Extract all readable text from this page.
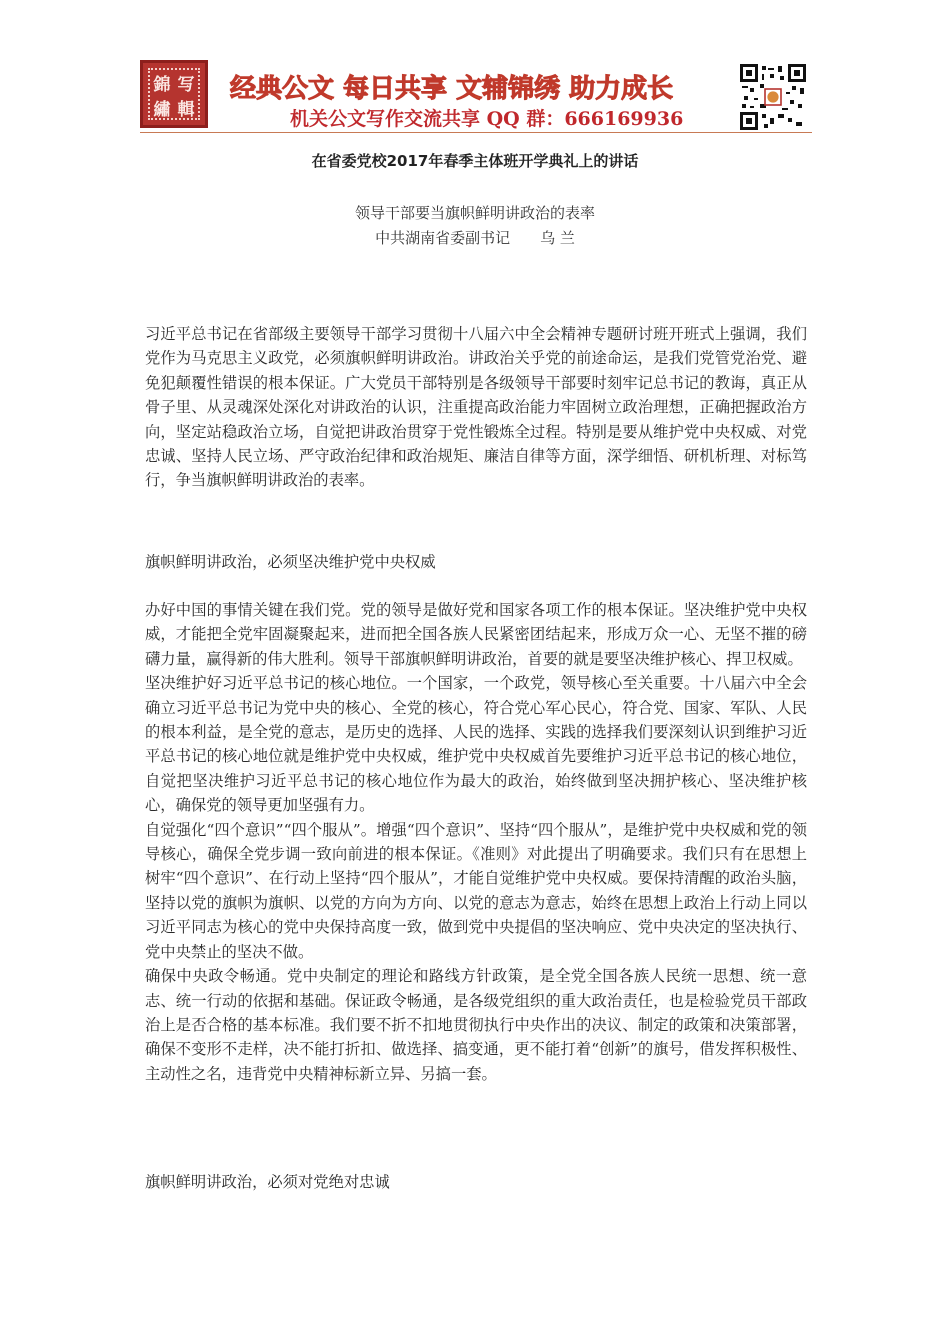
錦 写
繡 輯
经典公文 每日共享 文辅锦绣 助力成长
机关公文写作交流共享 QQ 群：666169936
在省委党校2017年春季主体班开学典礼上的讲话
领导干部要当旗帜鲜明讲政治的表率
中共湖南省委副书记　　乌 兰

习近平总书记在省部级主要领导干部学习贯彻十八届六中全会精神专题研讨班开班式上强调，我们党作为马克思主义政党，必须旗帜鲜明讲政治。讲政治关乎党的前途命运，是我们党管党治党、避免犯颠覆性错误的根本保证。广大党员干部特别是各级领导干部要时刻牢记总书记的教诲，真正从骨子里、从灵魂深处深化对讲政治的认识，注重提高政治能力牢固树立政治理想，正确把握政治方向，坚定站稳政治立场，自觉把讲政治贯穿于党性锻炼全过程。特别是要从维护党中央权威、对党忠诚、坚持人民立场、严守政治纪律和政治规矩、廉洁自律等方面，深学细悟、研机析理、对标笃行，争当旗帜鲜明讲政治的表率。

旗帜鲜明讲政治，必须坚决维护党中央权威

办好中国的事情关键在我们党。党的领导是做好党和国家各项工作的根本保证。坚决维护党中央权威，才能把全党牢固凝聚起来，进而把全国各族人民紧密团结起来，形成万众一心、无坚不摧的磅礴力量，赢得新的伟大胜利。领导干部旗帜鲜明讲政治，首要的就是要坚决维护核心、捍卫权威。

坚决维护好习近平总书记的核心地位。一个国家，一个政党，领导核心至关重要。十八届六中全会确立习近平总书记为党中央的核心、全党的核心，符合党心军心民心，符合党、国家、军队、人民的根本利益，是全党的意志，是历史的选择、人民的选择、实践的选择我们要深刻认识到维护习近平总书记的核心地位就是维护党中央权威，维护党中央权威首先要维护习近平总书记的核心地位，自觉把坚决维护习近平总书记的核心地位作为最大的政治，始终做到坚决拥护核心、坚决维护核心，确保党的领导更加坚强有力。

自觉强化“四个意识”“四个服从”。增强“四个意识”、坚持“四个服从”，是维护党中央权威和党的领导核心，确保全党步调一致向前进的根本保证。《准则》对此提出了明确要求。我们只有在思想上树牢“四个意识”、在行动上坚持“四个服从”，才能自觉维护党中央权威。要保持清醒的政治头脑，坚持以党的旗帜为旗帜、以党的方向为方向、以党的意志为意志，始终在思想上政治上行动上同以习近平同志为核心的党中央保持高度一致，做到党中央提倡的坚决响应、党中央决定的坚决执行、党中央禁止的坚决不做。

确保中央政令畅通。党中央制定的理论和路线方针政策，是全党全国各族人民统一思想、统一意志、统一行动的依据和基础。保证政令畅通，是各级党组织的重大政治责任，也是检验党员干部政治上是否合格的基本标准。我们要不折不扣地贯彻执行中央作出的决议、制定的政策和决策部署，确保不变形不走样，决不能打折扣、做选择、搞变通，更不能打着“创新”的旗号，借发挥积极性、主动性之名，违背党中央精神标新立异、另搞一套。

旗帜鲜明讲政治，必须对党绝对忠诚
